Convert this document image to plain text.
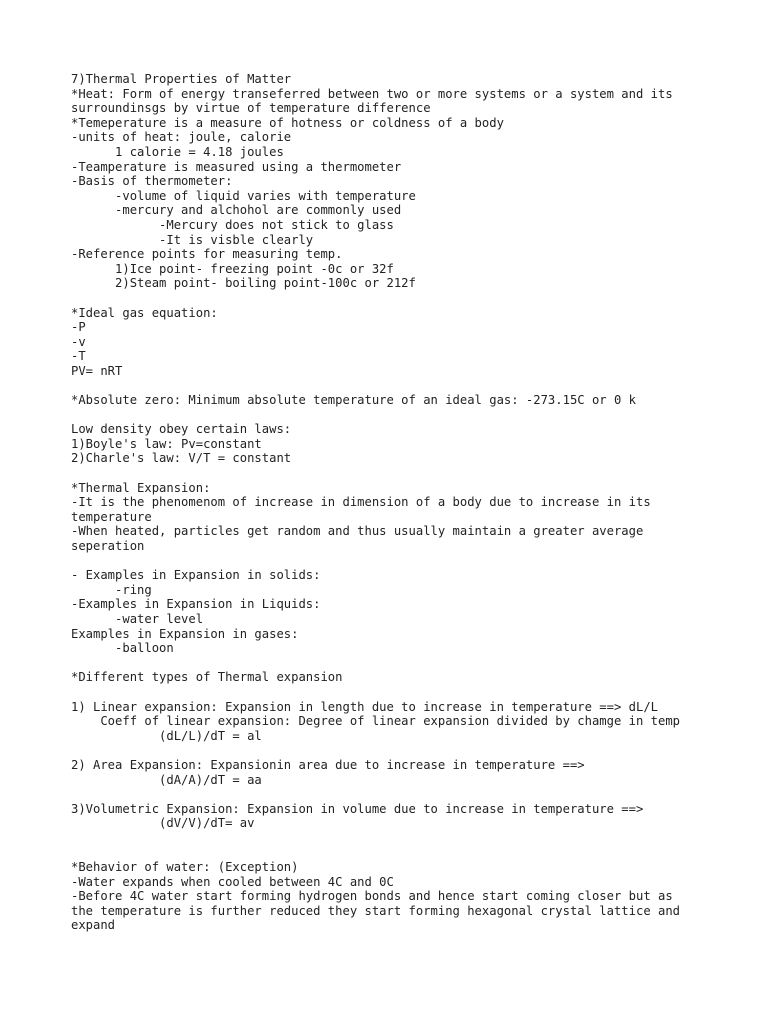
7)Thermal Properties of Matter
*Heat: Form of energy transeferred between two or more systems or a system and its
surroundinsgs by virtue of temperature difference
*Temeperature is a measure of hotness or coldness of a body
-units of heat: joule, calorie
1 calorie = 4.18 joules
-Teamperature is measured using a thermometer
-Basis of thermometer:
-volume of liquid varies with temperature
-mercury and alchohol are commonly used
-Mercury does not stick to glass
-It is visble clearly
-Reference points for measuring temp.
1)Ice point- freezing point -0c or 32f
2)Steam point- boiling point-100c or 212f
*Ideal gas equation:
-P
-v
-T
PV= nRT
*Absolute zero: Minimum absolute temperature of an ideal gas: -273.15C or 0 k
Low density obey certain laws:
1)Boyle's law: Pv=constant
2)Charle's law: V/T = constant
*Thermal Expansion:
-It is the phenomenom of increase in dimension of a body due to increase in its
temperature
-When heated, particles get random and thus usually maintain a greater average
seperation
- Examples in Expansion in solids:
-ring
-Examples in Expansion in Liquids:
-water level
Examples in Expansion in gases:
-balloon
*Different types of Thermal expansion
1) Linear expansion: Expansion in length due to increase in temperature ==> dL/L
Coeff of linear expansion: Degree of linear expansion divided by chamge in temp
(dL/L)/dT = al
2) Area Expansion: Expansionin area due to increase in temperature ==>
(dA/A)/dT = aa
3)Volumetric Expansion: Expansion in volume due to increase in temperature ==>
(dV/V)/dT= av
*Behavior of water: (Exception)
-Water expands when cooled between 4C and 0C
-Before 4C water start forming hydrogen bonds and hence start coming closer but as
the temperature is further reduced they start forming hexagonal crystal lattice and
expand
